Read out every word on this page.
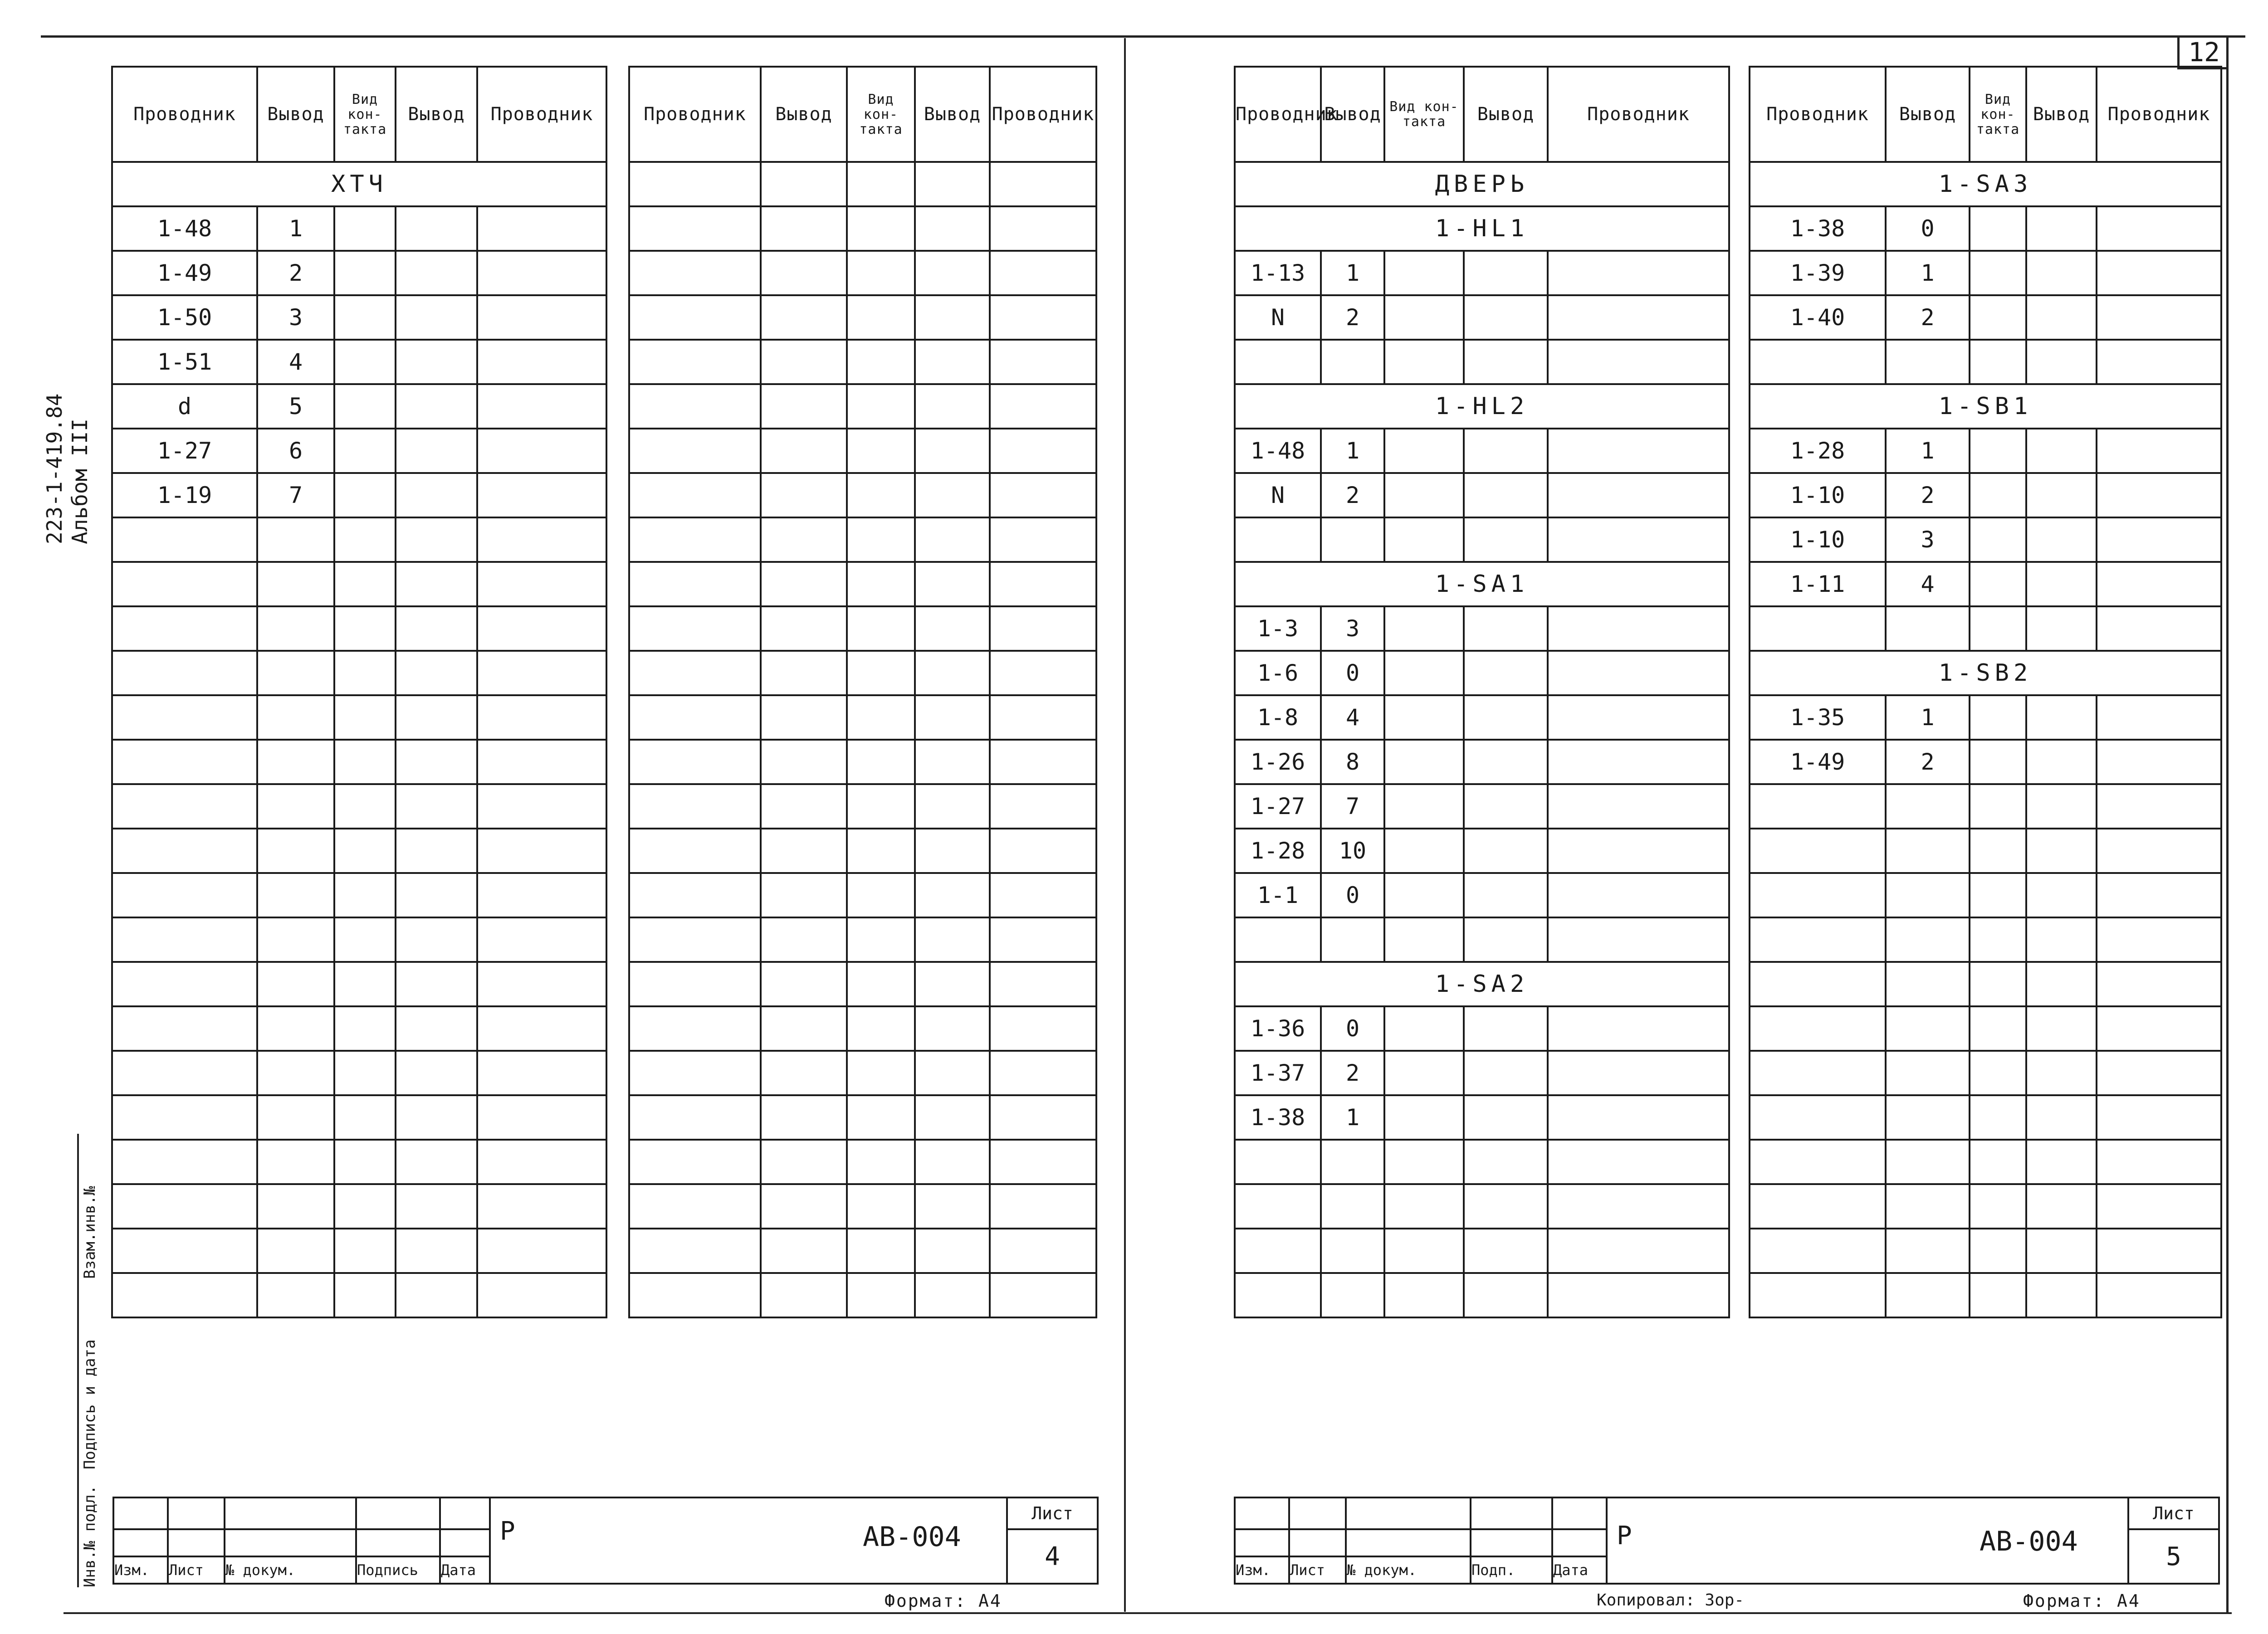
12
223-1-419.84 Альбом III
Взам.инв.№
Подпись и дата
Инв.№ подл.
Проводник	Вывод	Вид кон-такта	Вывод	Проводник
ХТЧ				
1-48	1			
1-49	2			
1-50	3			
1-51	4			
d	5			
1-27	6			
1-19	7			

Проводник	Вывод	Вид кон-такта	Вывод	Проводник

					Р АВ-004	Лист
						4
Изм.	Лист	№ докум.	Подпись	Дата		
Формат: А4
Проводник	Вывод	Вид кон-такта	Вывод	Проводник
ДВЕРЬ				
1-HL1				
1-13	1			
N	2			

1-HL2				
1-48	1			
N	2			

1-SA1				
1-3	3			
1-6	0			
1-8	4			
1-26	8			
1-27	7			
1-28	10			
1-1	0			

1-SA2				
1-36	0			
1-37	2			
1-38	1			

Проводник	Вывод	Вид кон-такта	Вывод	Проводник
1-SA3				
1-38	0			
1-39	1			
1-40	2			

1-SB1				
1-28	1			
1-10	2			
1-10	3			
1-11	4			

1-SB2				
1-35	1			
1-49	2			

					Р АВ-004	Лист
						5
Изм.	Лист	№ докум.	Подп.	Дата		
Копировал: Зор-	Формат: А4
